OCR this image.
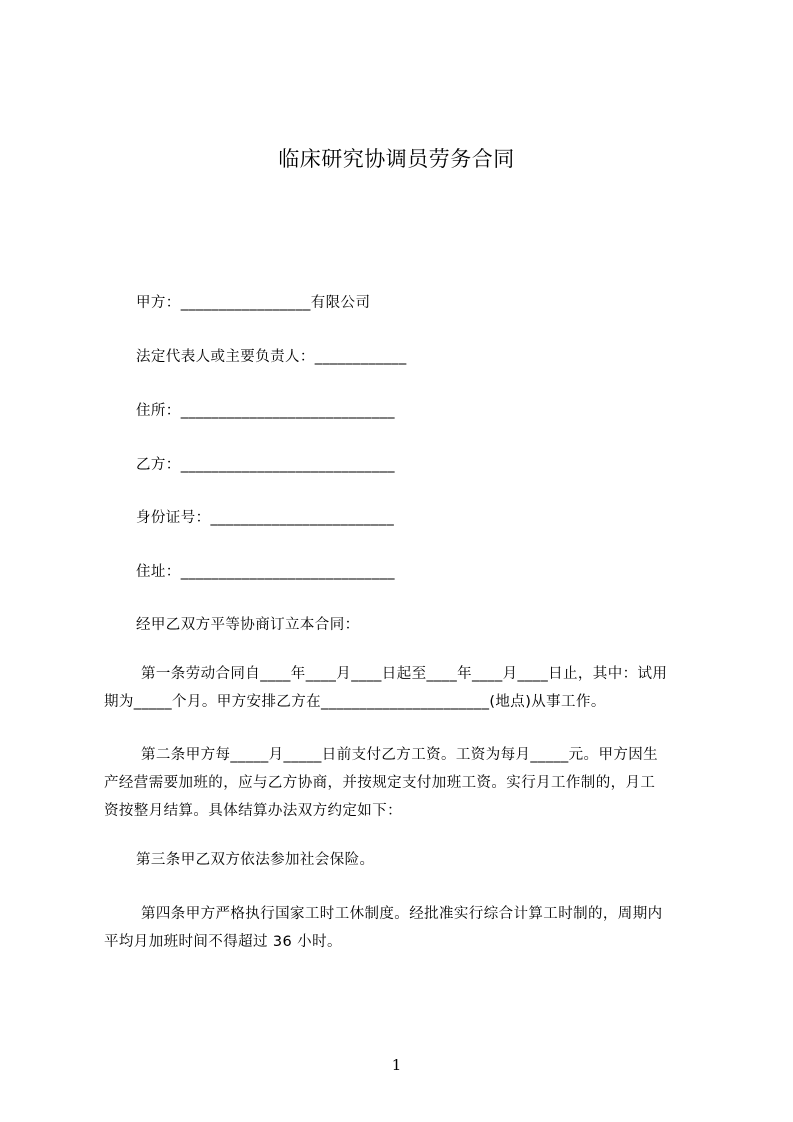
临床研究协调员劳务合同
甲方：_________________有限公司
法定代表人或主要负责人：____________
住所：____________________________
乙方：____________________________
身份证号：________________________
住址：____________________________
经甲乙双方平等协商订立本合同：
第一条劳动合同自____年____月____日起至____年____月____日止，其中：试用
期为_____个月。甲方安排乙方在______________________(地点)从事工作。
第二条甲方每_____月_____日前支付乙方工资。工资为每月_____元。甲方因生
产经营需要加班的，应与乙方协商，并按规定支付加班工资。实行月工作制的，月工
资按整月结算。具体结算办法双方约定如下：
第三条甲乙双方依法参加社会保险。
第四条甲方严格执行国家工时工休制度。经批准实行综合计算工时制的，周期内
平均月加班时间不得超过 36 小时。
1
